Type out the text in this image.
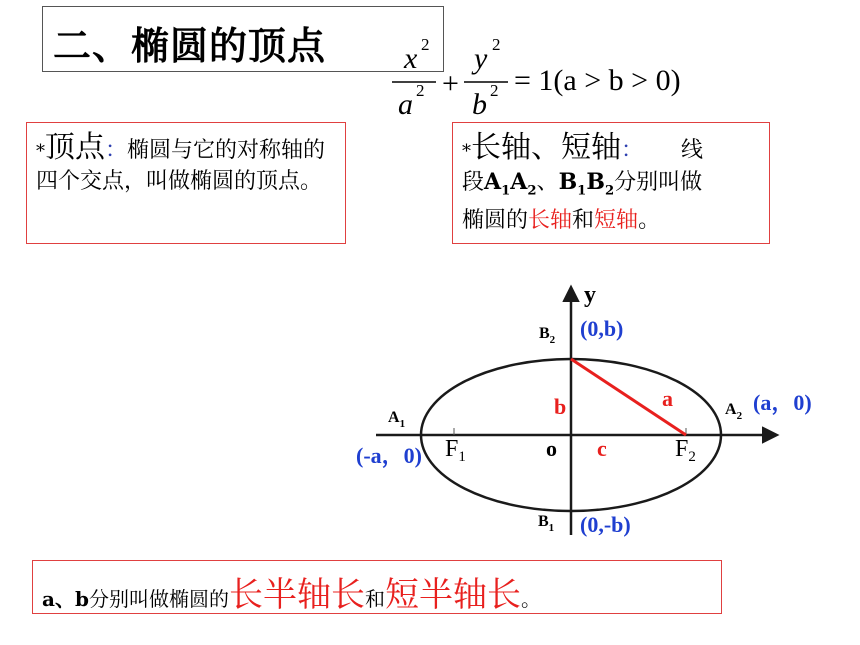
二、椭圆的顶点	x 2
a 2 +
y 2
b 2 = 1(a > b > 0)
*顶点：椭圆与它的对称轴的四个交点，叫做椭圆的顶点。
*长轴、短轴： 线
段$A_1A_2$、$B_1B_2$分别叫做
椭圆的长轴和短轴。
y
$B_2$ (0,b)
$A_1$
(-a，0)
$A_2$
(a，0)
$B_1$ (0,-b)
$F_1$	$F_2$
o
b
c
a
a、b分别叫做椭圆的长半轴长和短半轴长。
